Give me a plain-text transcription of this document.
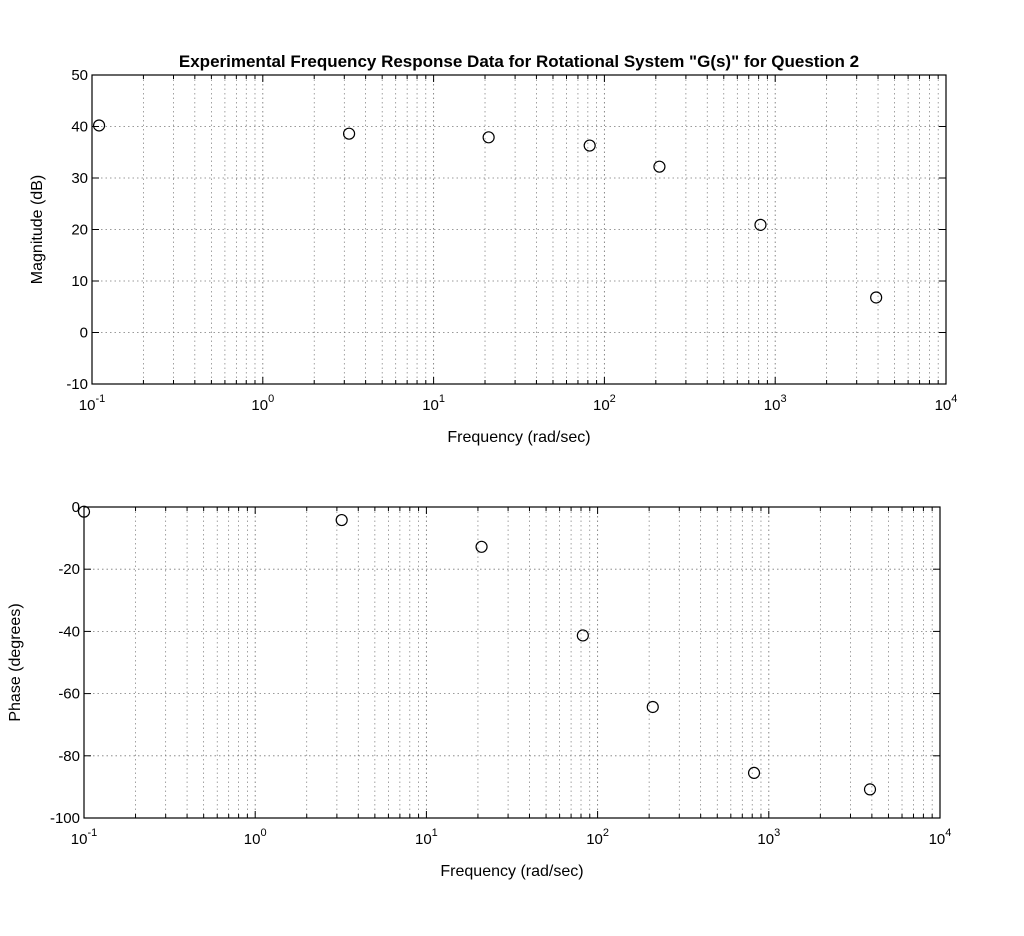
-10
0
10
20
30
40
50
$10^{-1}$	$10^0$	$10^1$	$10^2$	$10^3$	$10^4$
Frequency (rad/sec)
Magnitude (dB)
Experimental Frequency Response Data for Rotational System "G(s)" for Question 2
-100
-80
-60
-40
-20
0
$10^{-1}$	$10^0$	$10^1$	$10^2$	$10^3$	$10^4$
Frequency (rad/sec)
Phase (degrees)
